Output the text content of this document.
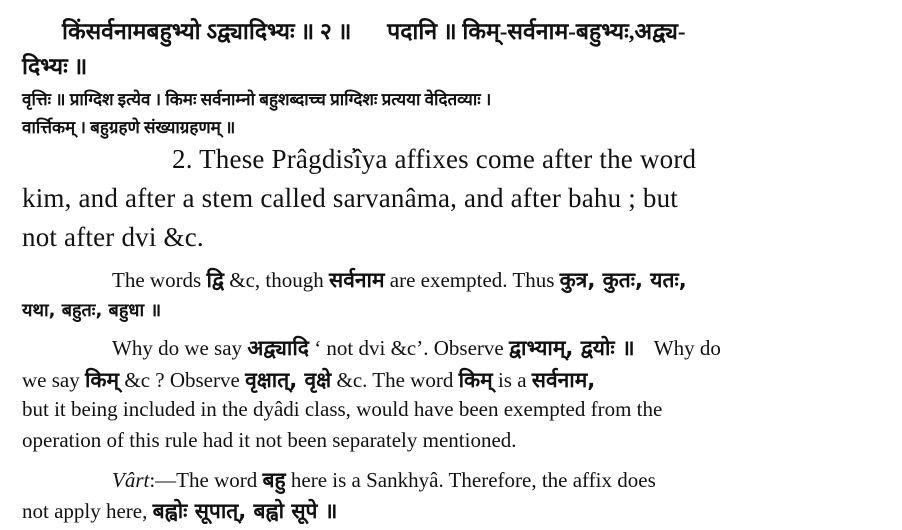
किंसर्वनामबहुभ्यो ऽद्व्यादिभ्यः ॥ २ ॥ पदानि ॥ किम्-सर्वनाम-बहुभ्यः,अद्व्य-
दिभ्यः ॥
वृत्तिः ॥ प्राग्दिश इत्येव । किमः सर्वनाम्नो बहुशब्दाच्च प्राग्दिशः प्रत्यया वेदितव्याः ।
वार्त्तिकम् । बहुग्रहणे संख्याग्रहणम् ॥
2. These Prâgdis̓îya affixes come after the word
kim, and after a stem called sarvanâma, and after bahu ; but
not after dvi &c.
The words द्वि &c, though सर्वनाम are exempted. Thus कुत्र, कुतः, यतः,
यथा, बहुतः, बहुधा ॥
Why do we say अद्व्यादि ‘ not dvi &c’. Observe द्वाभ्याम्, द्वयोः ॥ Why do
we say किम् &c ? Observe वृक्षात्, वृक्षे &c. The word किम् is a सर्वनाम,
but it being included in the dyâdi class, would have been exempted from the
operation of this rule had it not been separately mentioned.
Vârt:—The word बहु here is a Sankhyâ. Therefore, the affix does
not apply here, बह्वोः सूपात्, बह्वो सूपे ॥
